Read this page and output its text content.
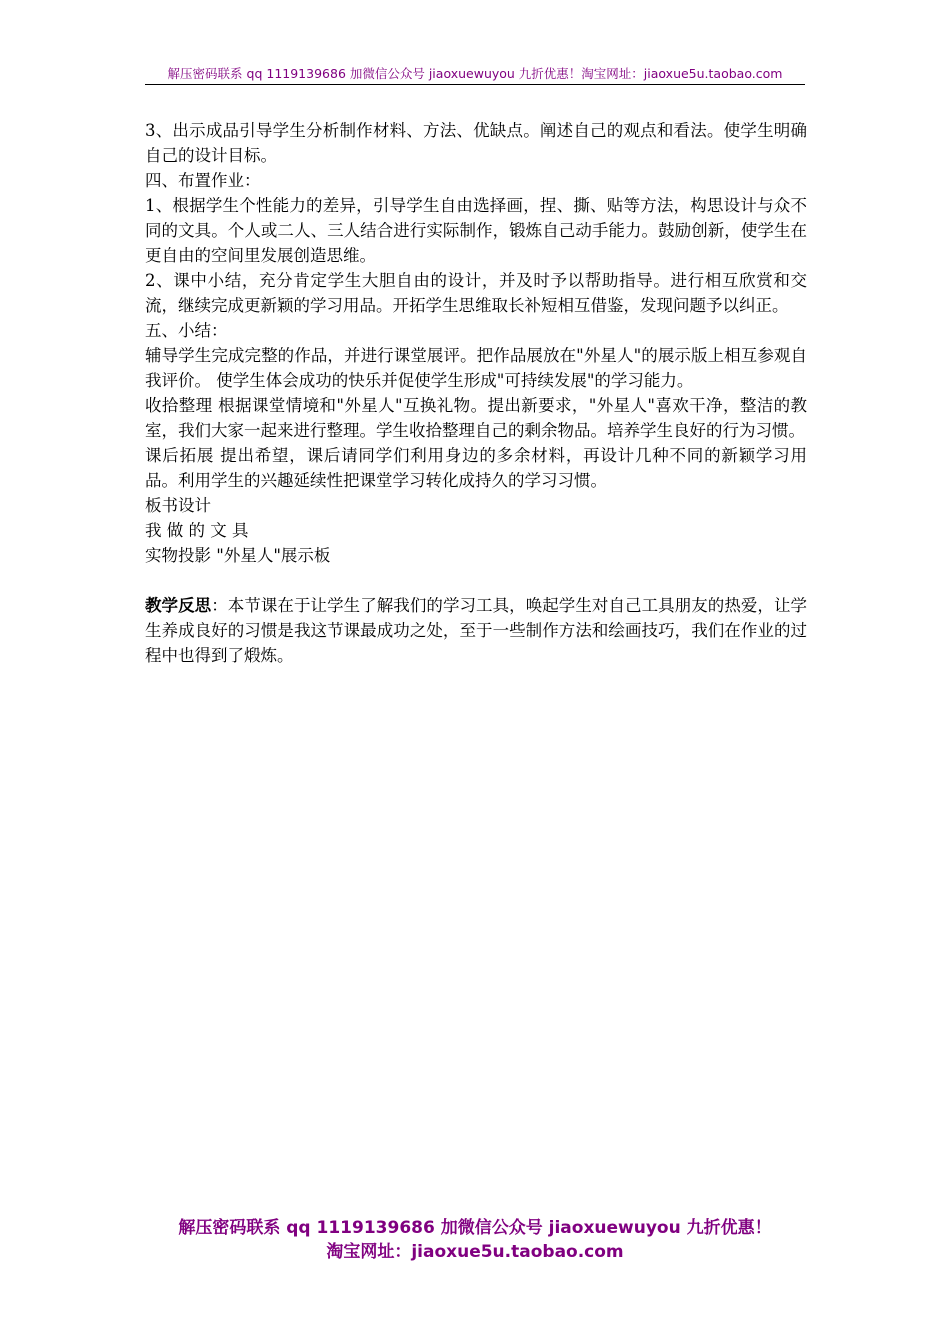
解压密码联系 qq 1119139686 加微信公众号 jiaoxuewuyou 九折优惠！淘宝网址：jiaoxue5u.taobao.com

3、出示成品引导学生分析制作材料、方法、优缺点。阐述自己的观点和看法。使学生明确自己的设计目标。

四、布置作业：

1、根据学生个性能力的差异，引导学生自由选择画，捏、撕、贴等方法，构思设计与众不同的文具。个人或二人、三人结合进行实际制作，锻炼自己动手能力。鼓励创新，使学生在更自由的空间里发展创造思维。

2、课中小结，充分肯定学生大胆自由的设计，并及时予以帮助指导。进行相互欣赏和交流，继续完成更新颖的学习用品。开拓学生思维取长补短相互借鉴，发现问题予以纠正。

五、小结：

辅导学生完成完整的作品，并进行课堂展评。把作品展放在"外星人"的展示版上相互参观自我评价。 使学生体会成功的快乐并促使学生形成"可持续发展"的学习能力。

收拾整理 根据课堂情境和"外星人"互换礼物。提出新要求，"外星人"喜欢干净，整洁的教室，我们大家一起来进行整理。学生收拾整理自己的剩余物品。培养学生良好的行为习惯。

课后拓展 提出希望，课后请同学们利用身边的多余材料，再设计几种不同的新颖学习用品。利用学生的兴趣延续性把课堂学习转化成持久的学习习惯。

板书设计

我 做 的 文 具

实物投影 "外星人"展示板

教学反思：本节课在于让学生了解我们的学习工具，唤起学生对自己工具朋友的热爱，让学生养成良好的习惯是我这节课最成功之处，至于一些制作方法和绘画技巧，我们在作业的过程中也得到了煅炼。

解压密码联系 qq 1119139686 加微信公众号 jiaoxuewuyou 九折优惠！

淘宝网址：jiaoxue5u.taobao.com
